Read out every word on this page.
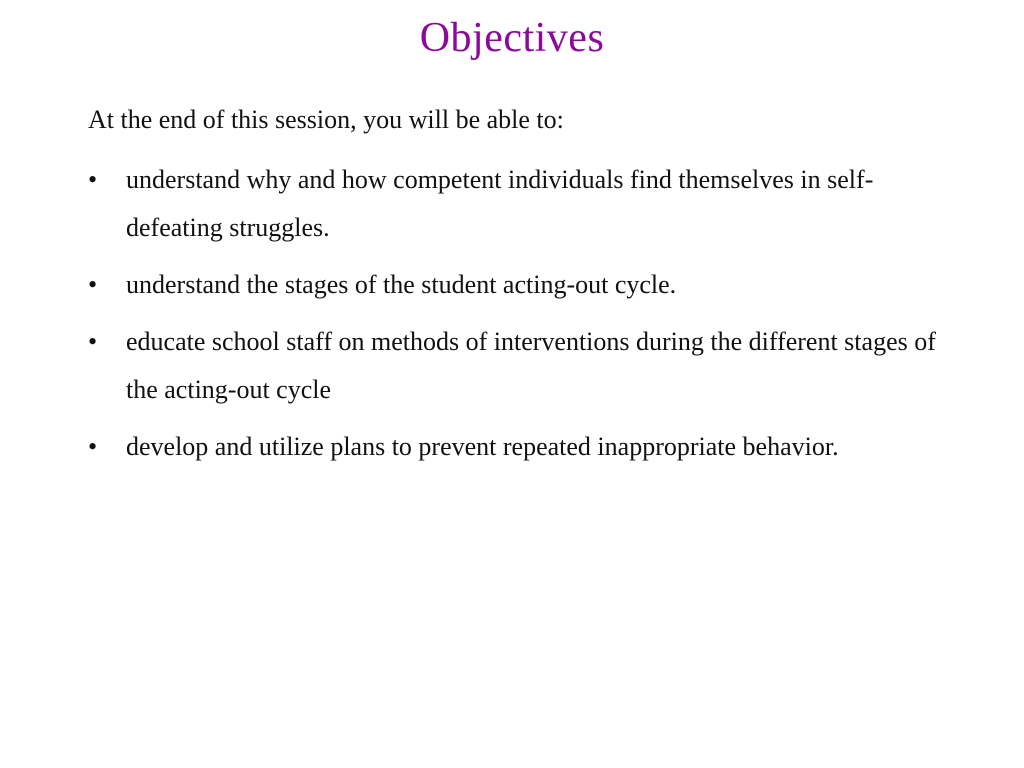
Objectives
At the end of this session, you will be able to:
•	understand why and how competent individuals find themselves in self-defeating struggles.
•	understand the stages of the student acting-out cycle.
•	educate school staff on methods of interventions during the different stages of the acting-out cycle
•	develop and utilize plans to prevent repeated inappropriate behavior.
